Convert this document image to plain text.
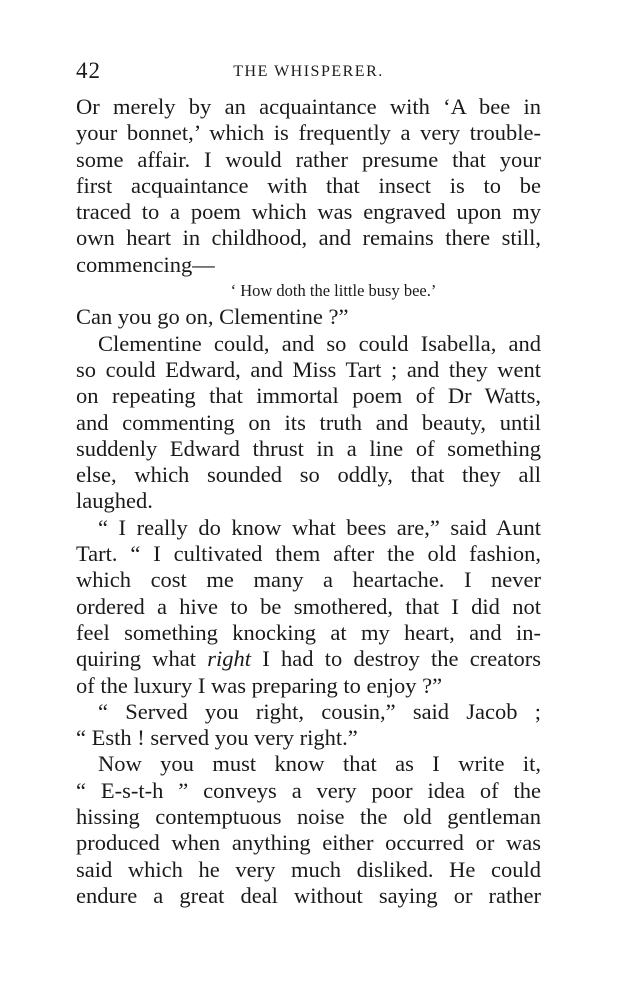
42	THE WHISPERER.
Or merely by an acquaintance with ‘A bee in
your bonnet,’ which is frequently a very trouble-
some affair. I would rather presume that your
first acquaintance with that insect is to be
traced to a poem which was engraved upon my
own heart in childhood, and remains there still,
commencing—
‘ How doth the little busy bee.’
Can you go on, Clementine ?”
Clementine could, and so could Isabella, and
so could Edward, and Miss Tart ; and they went
on repeating that immortal poem of Dr Watts,
and commenting on its truth and beauty, until
suddenly Edward thrust in a line of something
else, which sounded so oddly, that they all
laughed.
“ I really do know what bees are,” said Aunt
Tart. “ I cultivated them after the old fashion,
which cost me many a heartache. I never
ordered a hive to be smothered, that I did not
feel something knocking at my heart, and in-
quiring what right I had to destroy the creators
of the luxury I was preparing to enjoy ?”
“ Served you right, cousin,” said Jacob ;
“ Esth ! served you very right.”
Now you must know that as I write it,
“ E-s-t-h ” conveys a very poor idea of the
hissing contemptuous noise the old gentleman
produced when anything either occurred or was
said which he very much disliked. He could
endure a great deal without saying or rather
